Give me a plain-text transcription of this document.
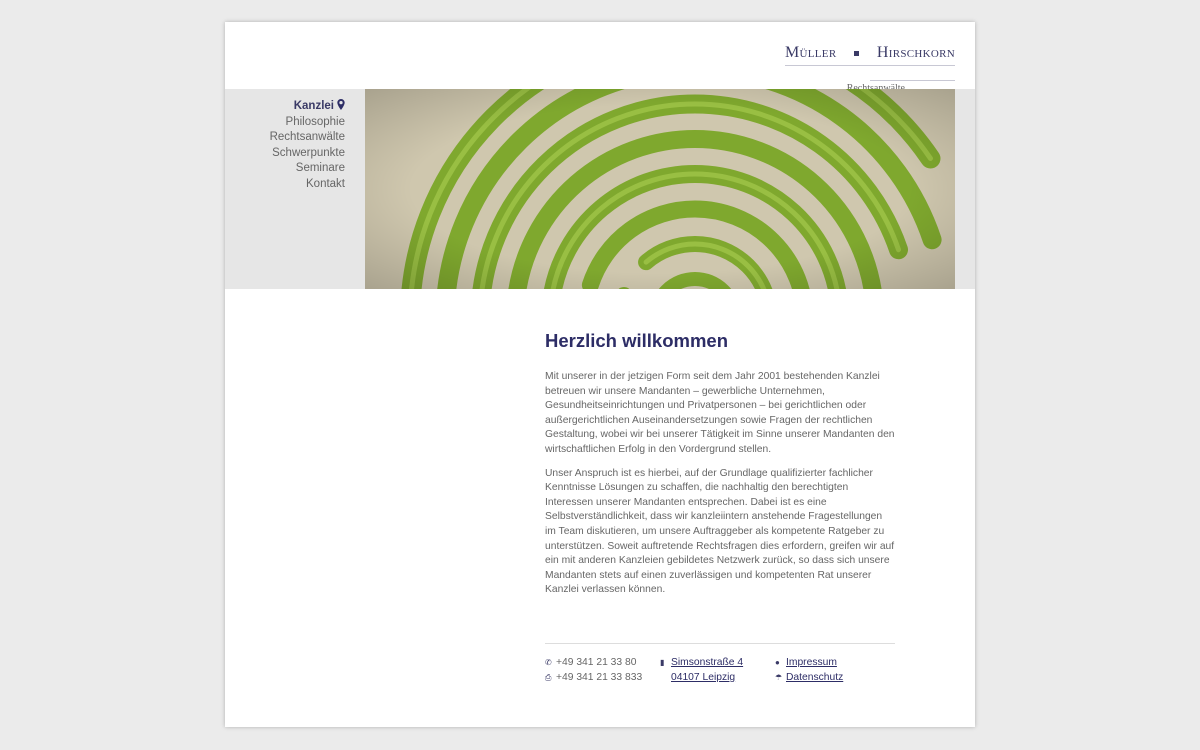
Müller	Hirschkorn
Kanzlei
Philosophie
Rechtsanwälte
Schwerpunkte
Seminare
Kontakt
Herzlich willkommen

Mit unserer in der jetzigen Form seit dem Jahr 2001 bestehenden Kanzlei betreuen wir unsere Mandanten – gewerbliche Unternehmen, Gesundheitseinrichtungen und Privatpersonen – bei gerichtlichen oder außergerichtlichen Auseinandersetzungen sowie Fragen der rechtlichen Gestaltung, wobei wir bei unserer Tätigkeit im Sinne unserer Mandanten den wirtschaftlichen Erfolg in den Vordergrund stellen.

Unser Anspruch ist es hierbei, auf der Grundlage qualifizierter fachlicher Kenntnisse Lösungen zu schaffen, die nachhaltig den berechtigten Interessen unserer Mandanten entsprechen. Dabei ist es eine Selbstverständlichkeit, dass wir kanzleiintern anstehende Fragestellungen im Team diskutieren, um unsere Auftraggeber als kompetente Ratgeber zu unterstützen. Soweit auftretende Rechtsfragen dies erfordern, greifen wir auf ein mit anderen Kanzleien gebildetes Netzwerk zurück, so dass sich unsere Mandanten stets auf einen zuverlässigen und kompetenten Rat unserer Kanzlei verlassen können.

✆ +49 341 21 33 80
⎙ +49 341 21 33 833
▮ Simsonstraße 4
04107 Leipzig
● Impressum
☂ Datenschutz
